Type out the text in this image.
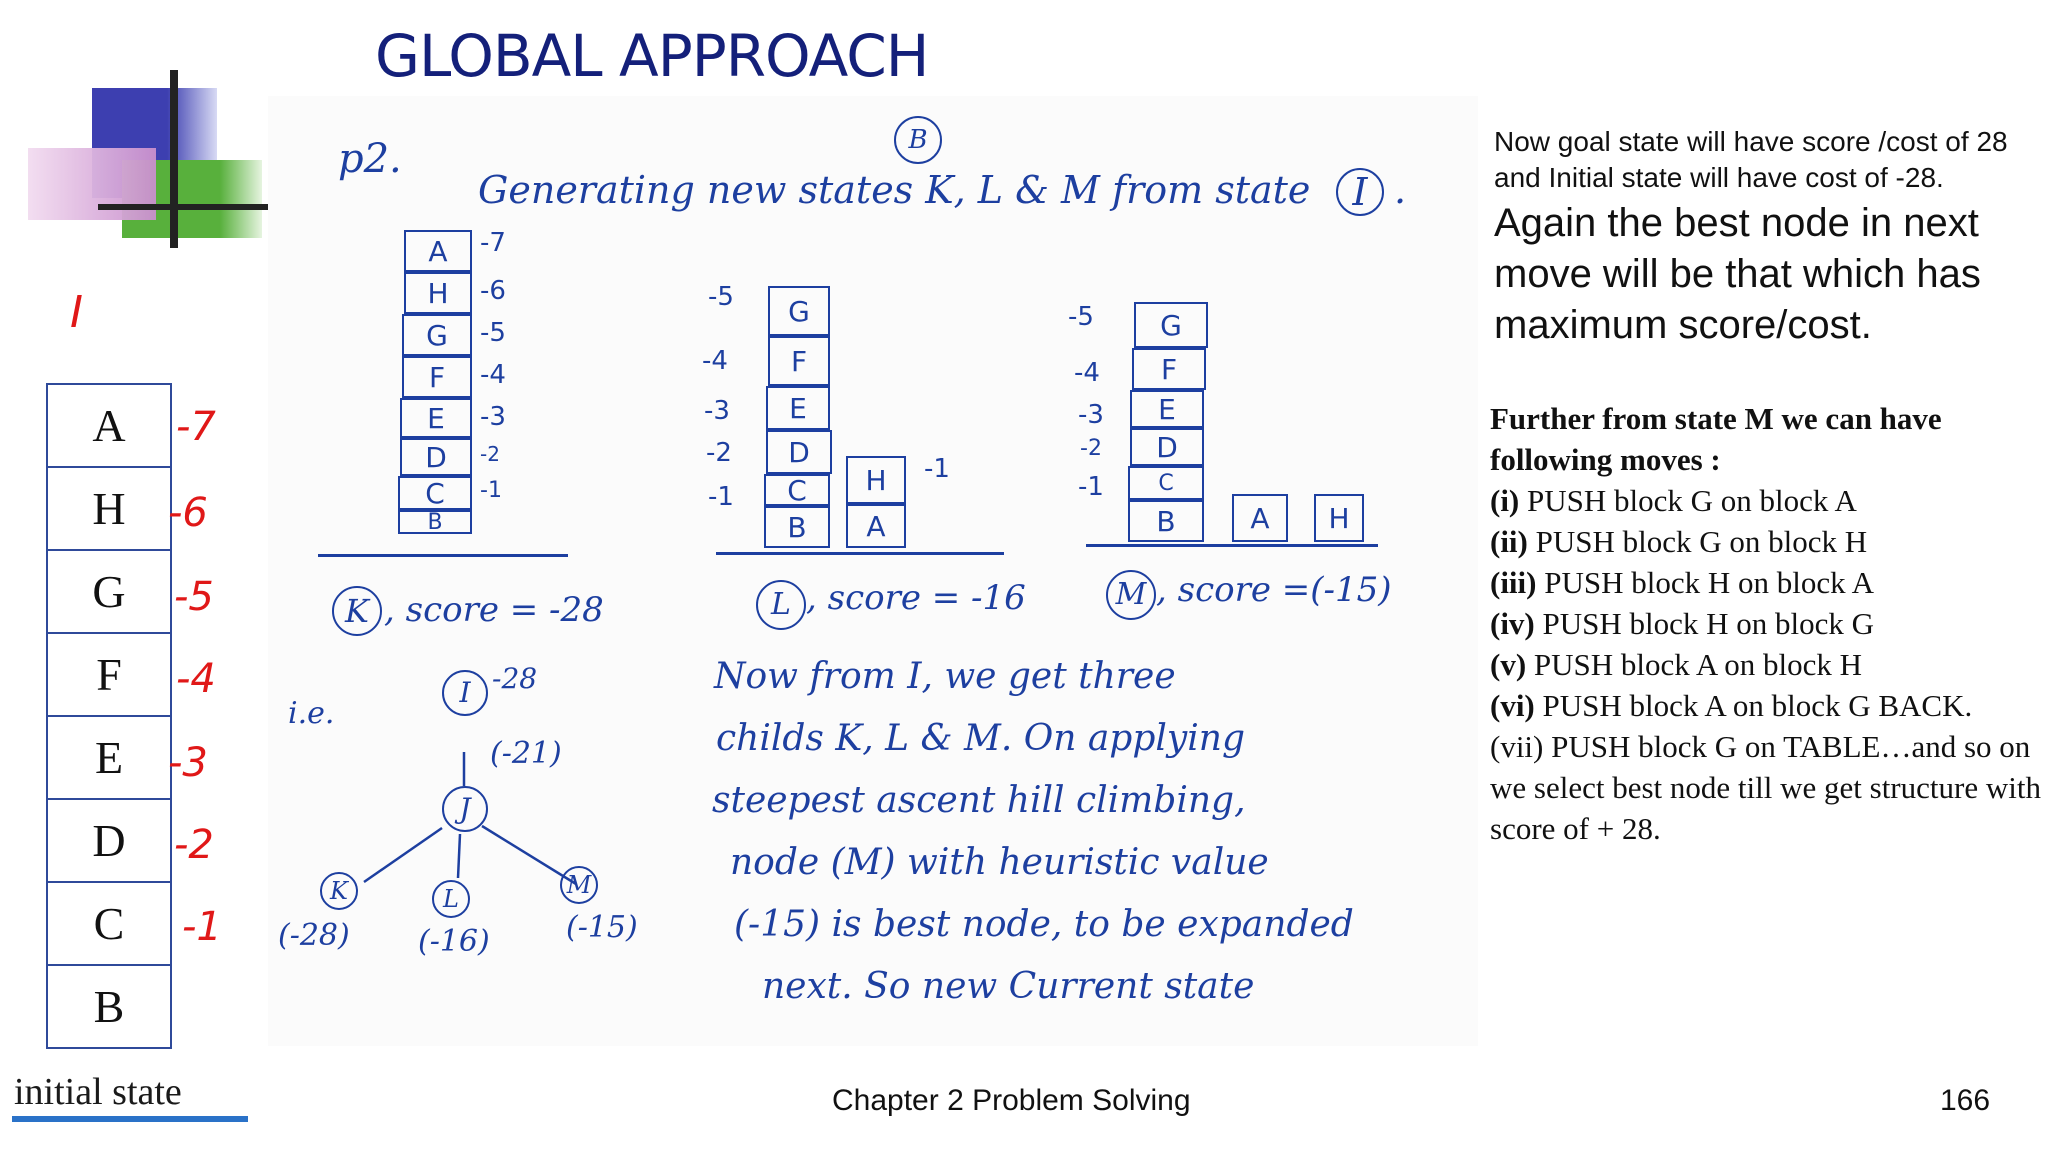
GLOBAL APPROACH
I
A
H
G
F
E
D
C
B
-7
-6
-5
-4
-3
-2
-1
initial state
p2.
Generating new states K, L & M from state	I .
B
A
H
G
F
E
D
C
B
-7
-6
-5
-4
-3
-2
-1
K , score = -28
G
F
E
D
C
B
-5
-4
-3
-2
-1
H
A
-1
L , score = -16
G
F
E
D
C
B
-5
-4
-3
-2
-1
A	H
M , score =(-15)
i.e.
I -28
J
(-21)
K
(-28)
L
(-16)
M
(-15)
Now from I, we get three
childs K, L & M. On applying
steepest ascent hill climbing,
node (M) with heuristic value
(-15) is best node, to be expanded
next. So new Current state
Now goal state will have score /cost of 28 and Initial state will have cost of -28.
Again the best node in next move will be that which has maximum score/cost.
Further from state M we can have following moves :
(i) PUSH block G on block A
(ii) PUSH block G on block H
(iii) PUSH block H on block A
(iv) PUSH block H on block G
(v) PUSH block A on block H
(vi) PUSH block A on block G BACK.
(vii) PUSH block G on TABLE…and so on we select best node till we get structure with score of + 28.
Chapter 2 Problem Solving	166
